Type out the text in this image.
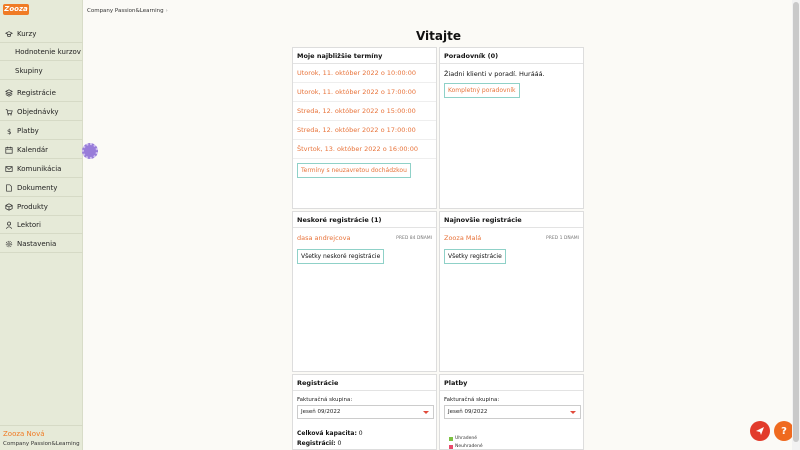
Zooza
Kurzy
Hodnotenie kurzov
Skupiny
Registrácie
Objednávky
$ Platby
Kalendár
Komunikácia
Dokumenty
Produkty
Lektori
Nastavenia
Zooza Nová
Company Passion&Learning
Company Passion&Learning ›
Vitajte
Moje najbližšie termíny
Utorok, 11. október 2022 o 10:00:00
Utorok, 11. október 2022 o 17:00:00
Streda, 12. október 2022 o 15:00:00
Streda, 12. október 2022 o 17:00:00
Štvrtok, 13. október 2022 o 16:00:00
Termíny s neuzavretou dochádzkou
Poradovník (0)
Žiadni klienti v poradí. Hurááá.
Kompletný poradovník
Neskoré registrácie (1)
dasa andrejcova	PRED 84 DŇAMI
Všetky neskoré registrácie
Najnovšie registrácie
Zooza Malá	PRED 1 DŇAMI
Všetky registrácie
Registrácie
Fakturačná skupina:
Jeseň 09/2022
Celková kapacita: 0
Registrácií: 0
Platby
Fakturačná skupina:
Jeseň 09/2022
Uhradené
Neuhradené
?
